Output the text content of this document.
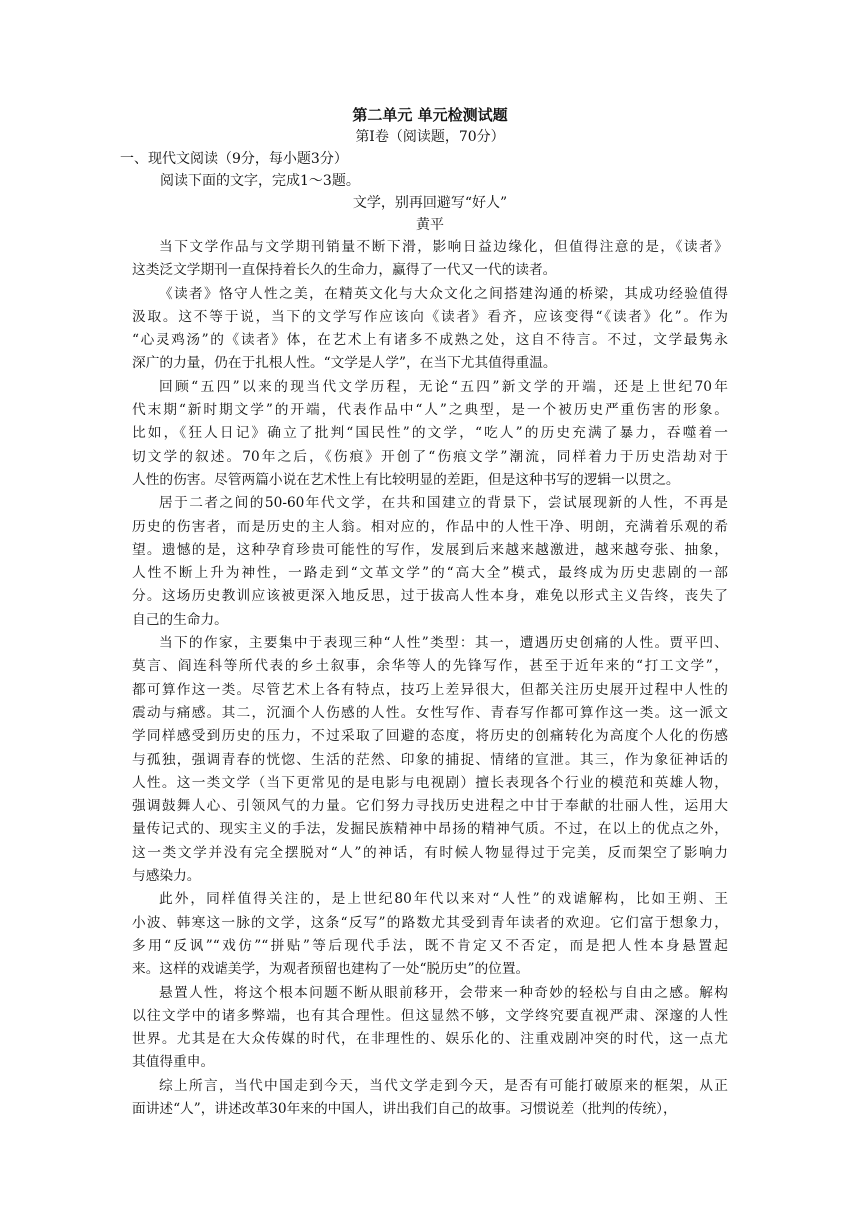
第二单元 单元检测试题
第Ⅰ卷（阅读题，70分）
一、现代文阅读（9分，每小题3分）
阅读下面的文字，完成1～3题。
文学，别再回避写“好人”
黄平
当下文学作品与文学期刊销量不断下滑，影响日益边缘化，但值得注意的是，《读者》
这类泛文学期刊一直保持着长久的生命力，赢得了一代又一代的读者。
《读者》恪守人性之美，在精英文化与大众文化之间搭建沟通的桥梁，其成功经验值得
汲取。这不等于说，当下的文学写作应该向《读者》看齐，应该变得“《读者》化”。作为
“心灵鸡汤”的《读者》体，在艺术上有诸多不成熟之处，这自不待言。不过，文学最隽永
深广的力量，仍在于扎根人性。“文学是人学”，在当下尤其值得重温。
回顾“五四”以来的现当代文学历程，无论“五四”新文学的开端，还是上世纪70年
代末期“新时期文学”的开端，代表作品中“人”之典型，是一个被历史严重伤害的形象。
比如，《狂人日记》确立了批判“国民性”的文学，“吃人”的历史充满了暴力，吞噬着一
切文学的叙述。70年之后，《伤痕》开创了“伤痕文学”潮流，同样着力于历史浩劫对于
人性的伤害。尽管两篇小说在艺术性上有比较明显的差距，但是这种书写的逻辑一以贯之。
居于二者之间的50-60年代文学，在共和国建立的背景下，尝试展现新的人性，不再是
历史的伤害者，而是历史的主人翁。相对应的，作品中的人性干净、明朗，充满着乐观的希
望。遗憾的是，这种孕育珍贵可能性的写作，发展到后来越来越激进，越来越夸张、抽象，
人性不断上升为神性，一路走到“文革文学”的“高大全”模式，最终成为历史悲剧的一部
分。这场历史教训应该被更深入地反思，过于拔高人性本身，难免以形式主义告终，丧失了
自己的生命力。
当下的作家，主要集中于表现三种“人性”类型：其一，遭遇历史创痛的人性。贾平凹、
莫言、阎连科等所代表的乡土叙事，余华等人的先锋写作，甚至于近年来的“打工文学”，
都可算作这一类。尽管艺术上各有特点，技巧上差异很大，但都关注历史展开过程中人性的
震动与痛感。其二，沉湎个人伤感的人性。女性写作、青春写作都可算作这一类。这一派文
学同样感受到历史的压力，不过采取了回避的态度，将历史的创痛转化为高度个人化的伤感
与孤独，强调青春的恍惚、生活的茫然、印象的捕捉、情绪的宣泄。其三，作为象征神话的
人性。这一类文学（当下更常见的是电影与电视剧）擅长表现各个行业的模范和英雄人物，
强调鼓舞人心、引领风气的力量。它们努力寻找历史进程之中甘于奉献的壮丽人性，运用大
量传记式的、现实主义的手法，发掘民族精神中昂扬的精神气质。不过，在以上的优点之外，
这一类文学并没有完全摆脱对“人”的神话，有时候人物显得过于完美，反而架空了影响力
与感染力。
此外，同样值得关注的，是上世纪80年代以来对“人性”的戏谑解构，比如王朔、王
小波、韩寒这一脉的文学，这条“反写”的路数尤其受到青年读者的欢迎。它们富于想象力，
多用“反讽”“戏仿”“拼贴”等后现代手法，既不肯定又不否定，而是把人性本身悬置起
来。这样的戏谑美学，为观者预留也建构了一处“脱历史”的位置。
悬置人性，将这个根本问题不断从眼前移开，会带来一种奇妙的轻松与自由之感。解构
以往文学中的诸多弊端，也有其合理性。但这显然不够，文学终究要直视严肃、深邃的人性
世界。尤其是在大众传媒的时代，在非理性的、娱乐化的、注重戏剧冲突的时代，这一点尤
其值得重申。
综上所言，当代中国走到今天，当代文学走到今天，是否有可能打破原来的框架，从正
面讲述“人”，讲述改革30年来的中国人，讲出我们自己的故事。习惯说差（批判的传统），
